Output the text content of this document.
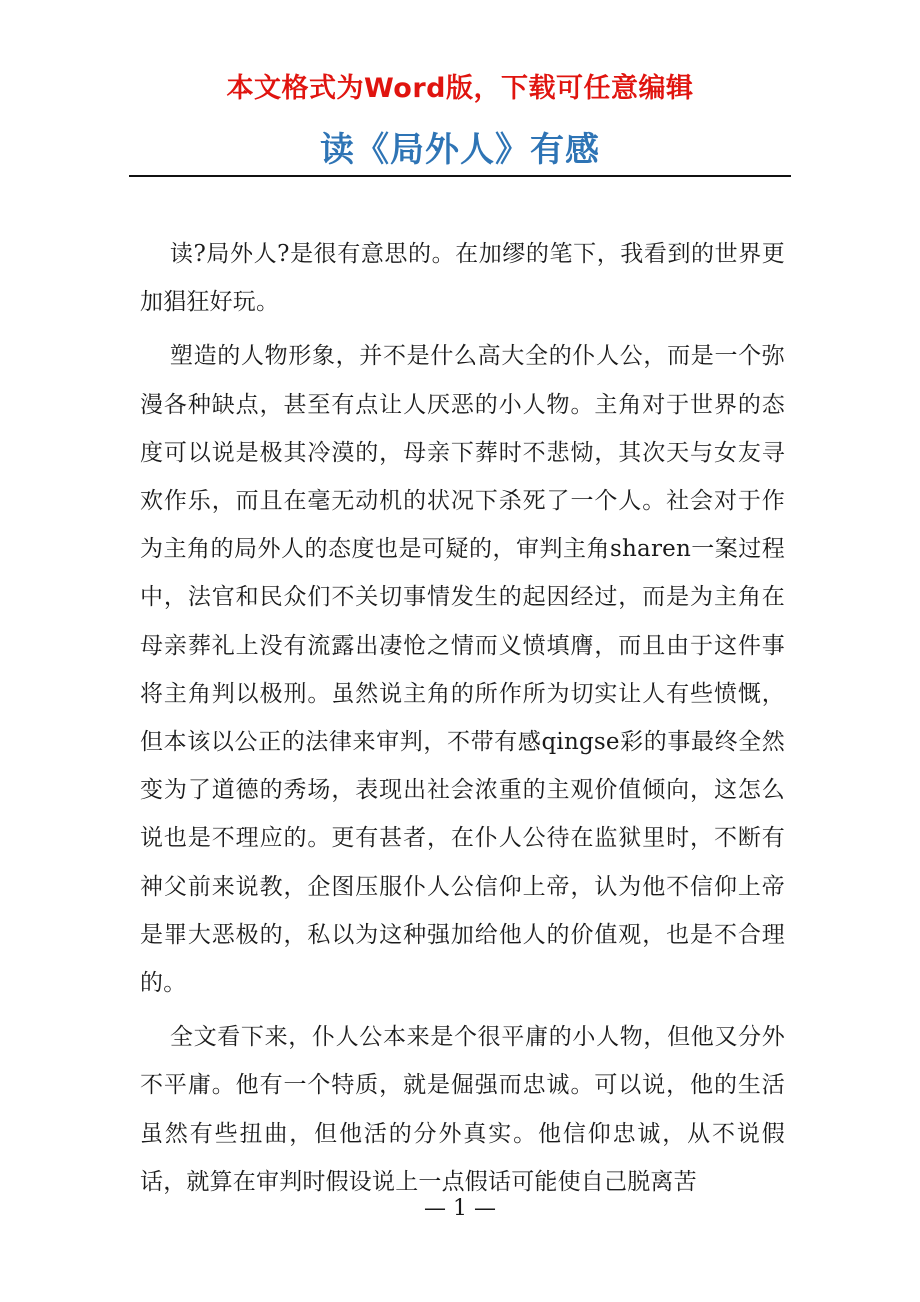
本文格式为Word版，下载可任意编辑
读《局外人》有感

读?局外人?是很有意思的。在加缪的笔下，我看到的世界更加猖狂好玩。

塑造的人物形象，并不是什么高大全的仆人公，而是一个弥漫各种缺点，甚至有点让人厌恶的小人物。主角对于世界的态度可以说是极其冷漠的，母亲下葬时不悲恸，其次天与女友寻欢作乐，而且在毫无动机的状况下杀死了一个人。社会对于作为主角的局外人的态度也是可疑的，审判主角sharen一案过程中，法官和民众们不关切事情发生的起因经过，而是为主角在母亲葬礼上没有流露出凄怆之情而义愤填膺，而且由于这件事将主角判以极刑。虽然说主角的所作所为切实让人有些愤慨，但本该以公正的法律来审判，不带有感qingse彩的事最终全然变为了道德的秀场，表现出社会浓重的主观价值倾向，这怎么说也是不理应的。更有甚者，在仆人公待在监狱里时，不断有神父前来说教，企图压服仆人公信仰上帝，认为他不信仰上帝是罪大恶极的，私以为这种强加给他人的价值观，也是不合理的。

全文看下来，仆人公本来是个很平庸的小人物，但他又分外不平庸。他有一个特质，就是倔强而忠诚。可以说，他的生活虽然有些扭曲，但他活的分外真实。他信仰忠诚，从不说假话，就算在审判时假设说上一点假话可能使自己脱离苦

— 1 —
